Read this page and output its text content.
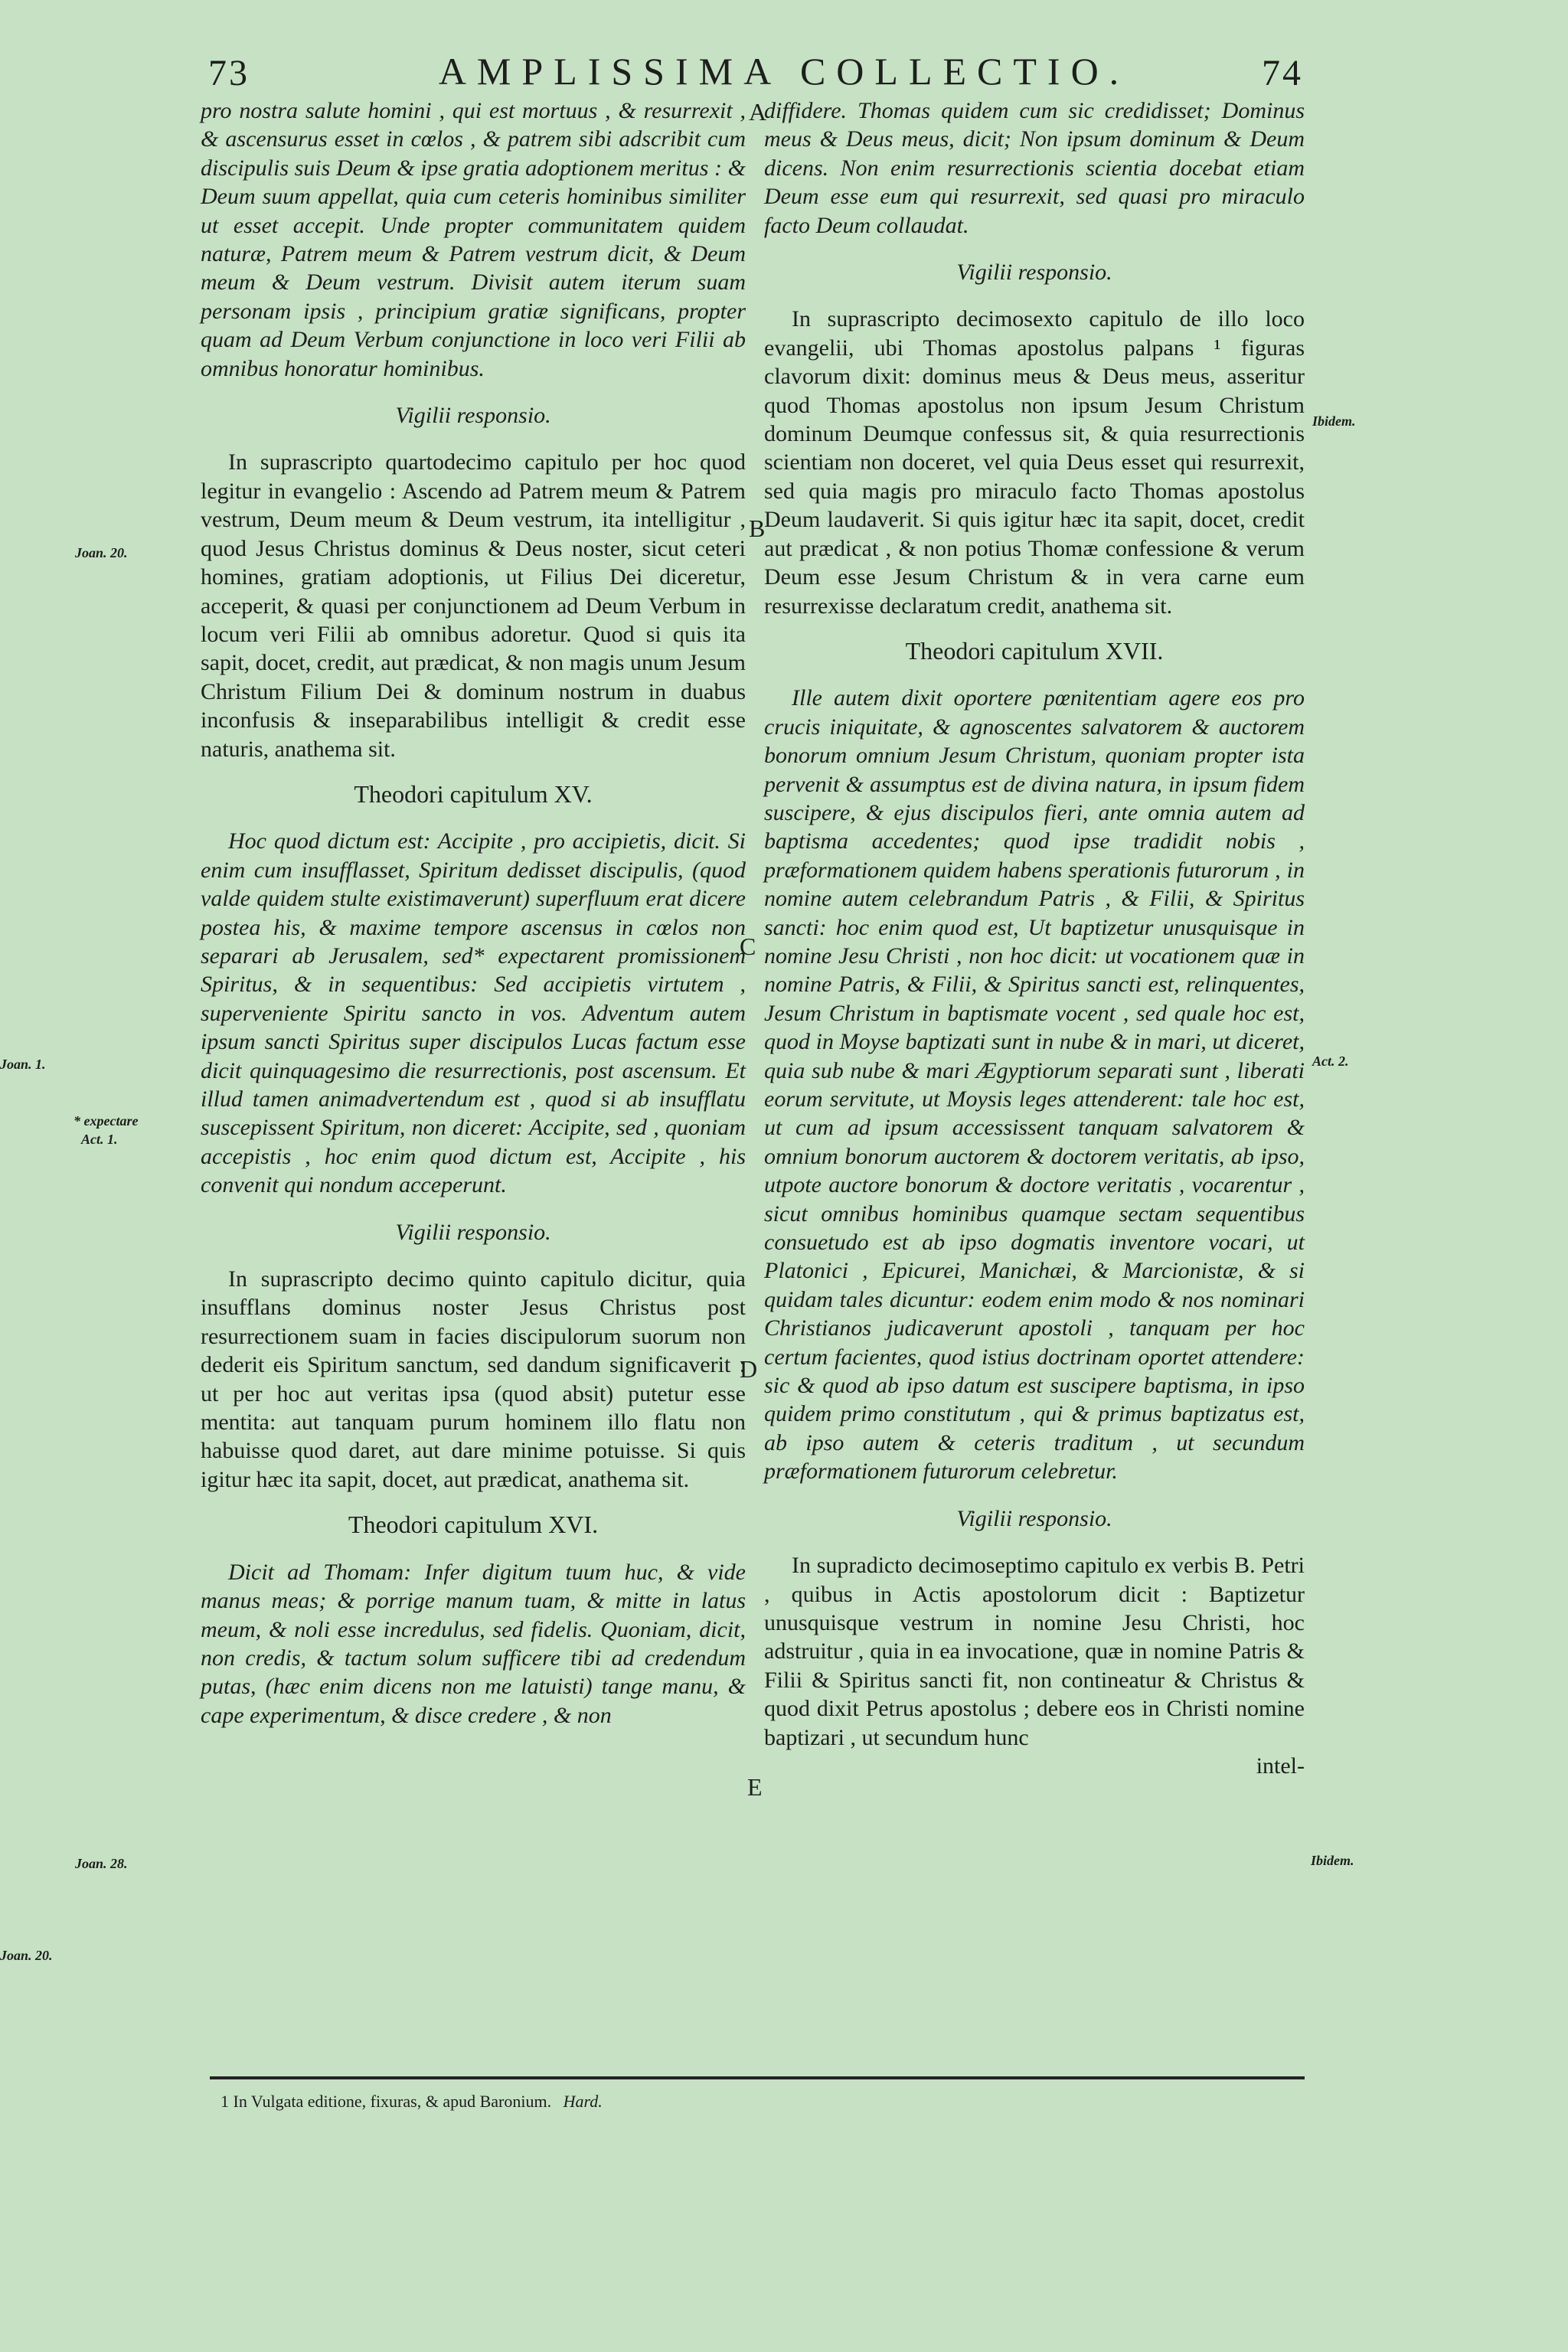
73	AMPLISSIMA COLLECTIO.	74

pro nostra salute homini , qui est mortuus , & resurrexit , & ascensurus esset in cœlos , & patrem sibi adscribit cum discipulis suis Deum & ipse gratia adoptionem meritus : & Deum suum appellat, quia cum ceteris hominibus similiter ut esset accepit. Unde propter communitatem quidem naturæ, Patrem meum & Patrem vestrum dicit, & Deum meum & Deum vestrum. Divisit autem iterum suam personam ipsis , principium gratiæ significans, propter quam ad Deum Verbum conjunctione in loco veri Filii ab omnibus honoratur hominibus.

Vigilii responsio.

In suprascripto quartodecimo capitulo per hoc quod legitur in evangelio : Ascendo ad Patrem meum & Patrem vestrum, Deum meum & Deum vestrum, ita intelligitur , quod Jesus Christus dominus & Deus noster, sicut ceteri homines, gratiam adoptionis, ut Filius Dei diceretur, acceperit, & quasi per conjunctionem ad Deum Verbum in locum veri Filii ab omnibus adoretur. Quod si quis ita sapit, docet, credit, aut prædicat, & non magis unum Jesum Christum Filium Dei & dominum nostrum in duabus inconfusis & inseparabilibus intelligit & credit esse naturis, anathema sit.

Theodori capitulum XV.

Hoc quod dictum est: Accipite , pro accipietis, dicit. Si enim cum insufflasset, Spiritum dedisset discipulis, (quod valde quidem stulte existimaverunt) superfluum erat dicere postea his, & maxime tempore ascensus in cœlos non separari ab Jerusalem, sed* expectarent promissionem Spiritus, & in sequentibus: Sed accipietis virtutem , superveniente Spiritu sancto in vos. Adventum autem ipsum sancti Spiritus super discipulos Lucas factum esse dicit quinquagesimo die resurrectionis, post ascensum. Et illud tamen animadvertendum est , quod si ab insufflatu suscepissent Spiritum, non diceret: Accipite, sed , quoniam accepistis , hoc enim quod dictum est, Accipite , his convenit qui nondum acceperunt.

Vigilii responsio.

In suprascripto decimo quinto capitulo dicitur, quia insufflans dominus noster Jesus Christus post resurrectionem suam in facies discipulorum suorum non dederit eis Spiritum sanctum, sed dandum significaverit : ut per hoc aut veritas ipsa (quod absit) putetur esse mentita: aut tanquam purum hominem illo flatu non habuisse quod daret, aut dare minime potuisse. Si quis igitur hæc ita sapit, docet, aut prædicat, anathema sit.

Theodori capitulum XVI.

Dicit ad Thomam: Infer digitum tuum huc, & vide manus meas; & porrige manum tuam, & mitte in latus meum, & noli esse incredulus, sed fidelis. Quoniam, dicit, non credis, & tactum solum sufficere tibi ad credendum putas, (hæc enim dicens non me latuisti) tange manu, & cape experimentum, & disce credere , & non

diffidere. Thomas quidem cum sic credidisset; Dominus meus & Deus meus, dicit; Non ipsum dominum & Deum dicens. Non enim resurrectionis scientia docebat etiam Deum esse eum qui resurrexit, sed quasi pro miraculo facto Deum collaudat.

Vigilii responsio.

In suprascripto decimosexto capitulo de illo loco evangelii, ubi Thomas apostolus palpans ¹ figuras clavorum dixit: dominus meus & Deus meus, asseritur quod Thomas apostolus non ipsum Jesum Christum dominum Deumque confessus sit, & quia resurrectionis scientiam non doceret, vel quia Deus esset qui resurrexit, sed quia magis pro miraculo facto Thomas apostolus Deum laudaverit. Si quis igitur hæc ita sapit, docet, credit aut prædicat , & non potius Thomæ confessione & verum Deum esse Jesum Christum & in vera carne eum resurrexisse declaratum credit, anathema sit.

Theodori capitulum XVII.

Ille autem dixit oportere pœnitentiam agere eos pro crucis iniquitate, & agnoscentes salvatorem & auctorem bonorum omnium Jesum Christum, quoniam propter ista pervenit & assumptus est de divina natura, in ipsum fidem suscipere, & ejus discipulos fieri, ante omnia autem ad baptisma accedentes; quod ipse tradidit nobis , præformationem quidem habens sperationis futurorum , in nomine autem celebrandum Patris , & Filii, & Spiritus sancti: hoc enim quod est, Ut baptizetur unusquisque in nomine Jesu Christi , non hoc dicit: ut vocationem quæ in nomine Patris, & Filii, & Spiritus sancti est, relinquentes, Jesum Christum in baptismate vocent , sed quale hoc est, quod in Moyse baptizati sunt in nube & in mari, ut diceret, quia sub nube & mari Ægyptiorum separati sunt , liberati eorum servitute, ut Moysis leges attenderent: tale hoc est, ut cum ad ipsum accessissent tanquam salvatorem & omnium bonorum auctorem & doctorem veritatis, ab ipso, utpote auctore bonorum & doctore veritatis , vocarentur , sicut omnibus hominibus quamque sectam sequentibus consuetudo est ab ipso dogmatis inventore vocari, ut Platonici , Epicurei, Manichæi, & Marcionistæ, & si quidam tales dicuntur: eodem enim modo & nos nominari Christianos judicaverunt apostoli , tanquam per hoc certum facientes, quod istius doctrinam oportet attendere: sic & quod ab ipso datum est suscipere baptisma, in ipso quidem primo constitutum , qui & primus baptizatus est, ab ipso autem & ceteris traditum , ut secundum præformationem futurorum celebretur.

Vigilii responsio.

In supradicto decimoseptimo capitulo ex verbis B. Petri , quibus in Actis apostolorum dicit : Baptizetur unusquisque vestrum in nomine Jesu Christi, hoc adstruitur , quia in ea invocatione, quæ in nomine Patris & Filii & Spiritus sancti fit, non contineatur & Christus & quod dixit Petrus apostolus ; debere eos in Christi nomine baptizari , ut secundum hunc

intel-

A
B
C
D
E
Joan. 20.
Joan. 1.
* expectare
Act. 1.
Joan. 28.
Joan. 20.
Ibidem.
Act. 2.
Ibidem.
1 In Vulgata editione, fixuras, & apud Baronium. Hard.
